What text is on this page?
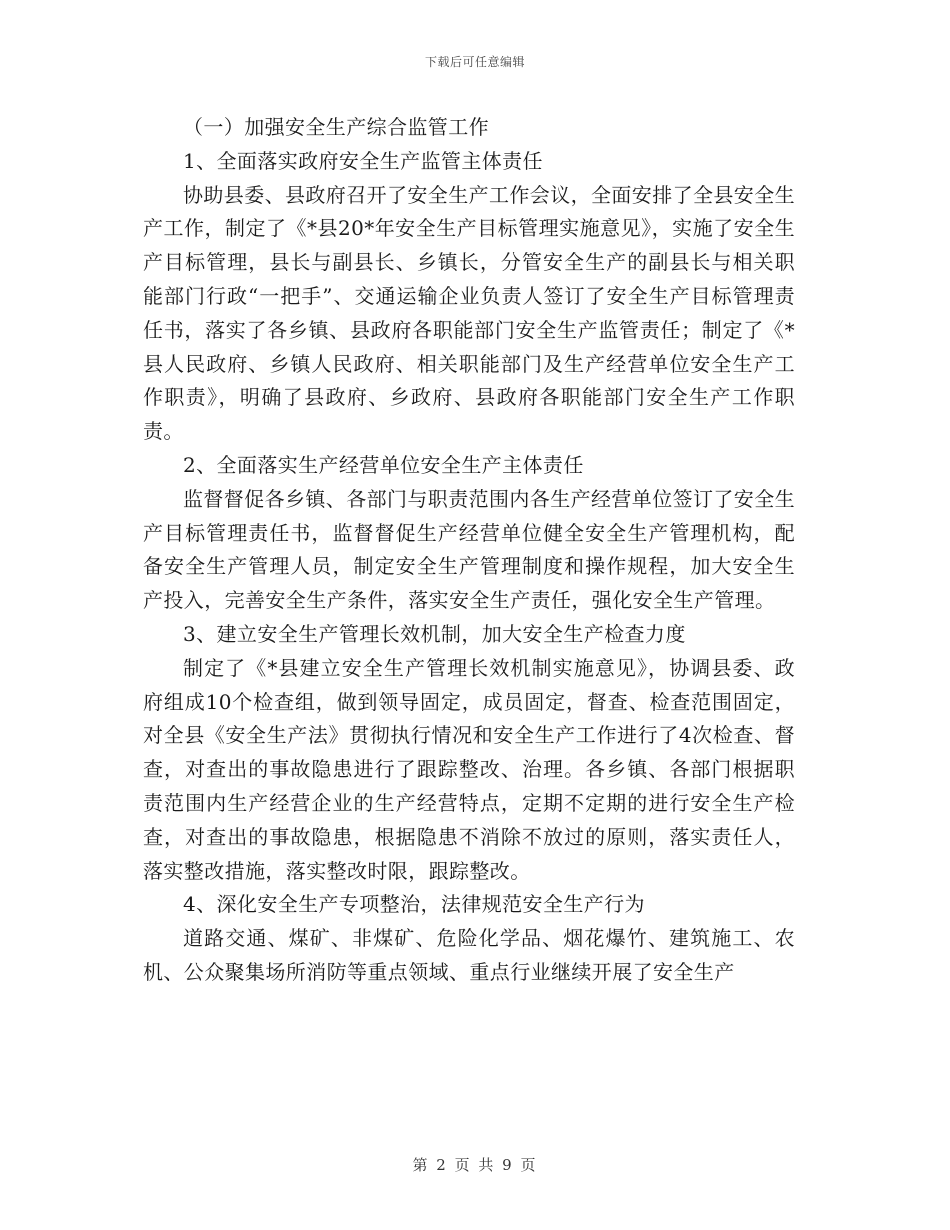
下载后可任意编辑

（一）加强安全生产综合监管工作

1、全面落实政府安全生产监管主体责任

协助县委、县政府召开了安全生产工作会议，全面安排了全县安全生产工作，制定了《*县20*年安全生产目标管理实施意见》，实施了安全生产目标管理，县长与副县长、乡镇长，分管安全生产的副县长与相关职能部门行政“一把手”、交通运输企业负责人签订了安全生产目标管理责任书，落实了各乡镇、县政府各职能部门安全生产监管责任；制定了《*县人民政府、乡镇人民政府、相关职能部门及生产经营单位安全生产工作职责》，明确了县政府、乡政府、县政府各职能部门安全生产工作职责。

2、全面落实生产经营单位安全生产主体责任

监督督促各乡镇、各部门与职责范围内各生产经营单位签订了安全生产目标管理责任书，监督督促生产经营单位健全安全生产管理机构，配备安全生产管理人员，制定安全生产管理制度和操作规程，加大安全生产投入，完善安全生产条件，落实安全生产责任，强化安全生产管理。

3、建立安全生产管理长效机制，加大安全生产检查力度

制定了《*县建立安全生产管理长效机制实施意见》，协调县委、政府组成10个检查组，做到领导固定，成员固定，督查、检查范围固定，对全县《安全生产法》贯彻执行情况和安全生产工作进行了4次检查、督查，对查出的事故隐患进行了跟踪整改、治理。各乡镇、各部门根据职责范围内生产经营企业的生产经营特点，定期不定期的进行安全生产检查，对查出的事故隐患，根据隐患不消除不放过的原则，落实责任人，落实整改措施，落实整改时限，跟踪整改。

4、深化安全生产专项整治，法律规范安全生产行为

道路交通、煤矿、非煤矿、危险化学品、烟花爆竹、建筑施工、农机、公众聚集场所消防等重点领域、重点行业继续开展了安全生产

第 2 页 共 9 页
